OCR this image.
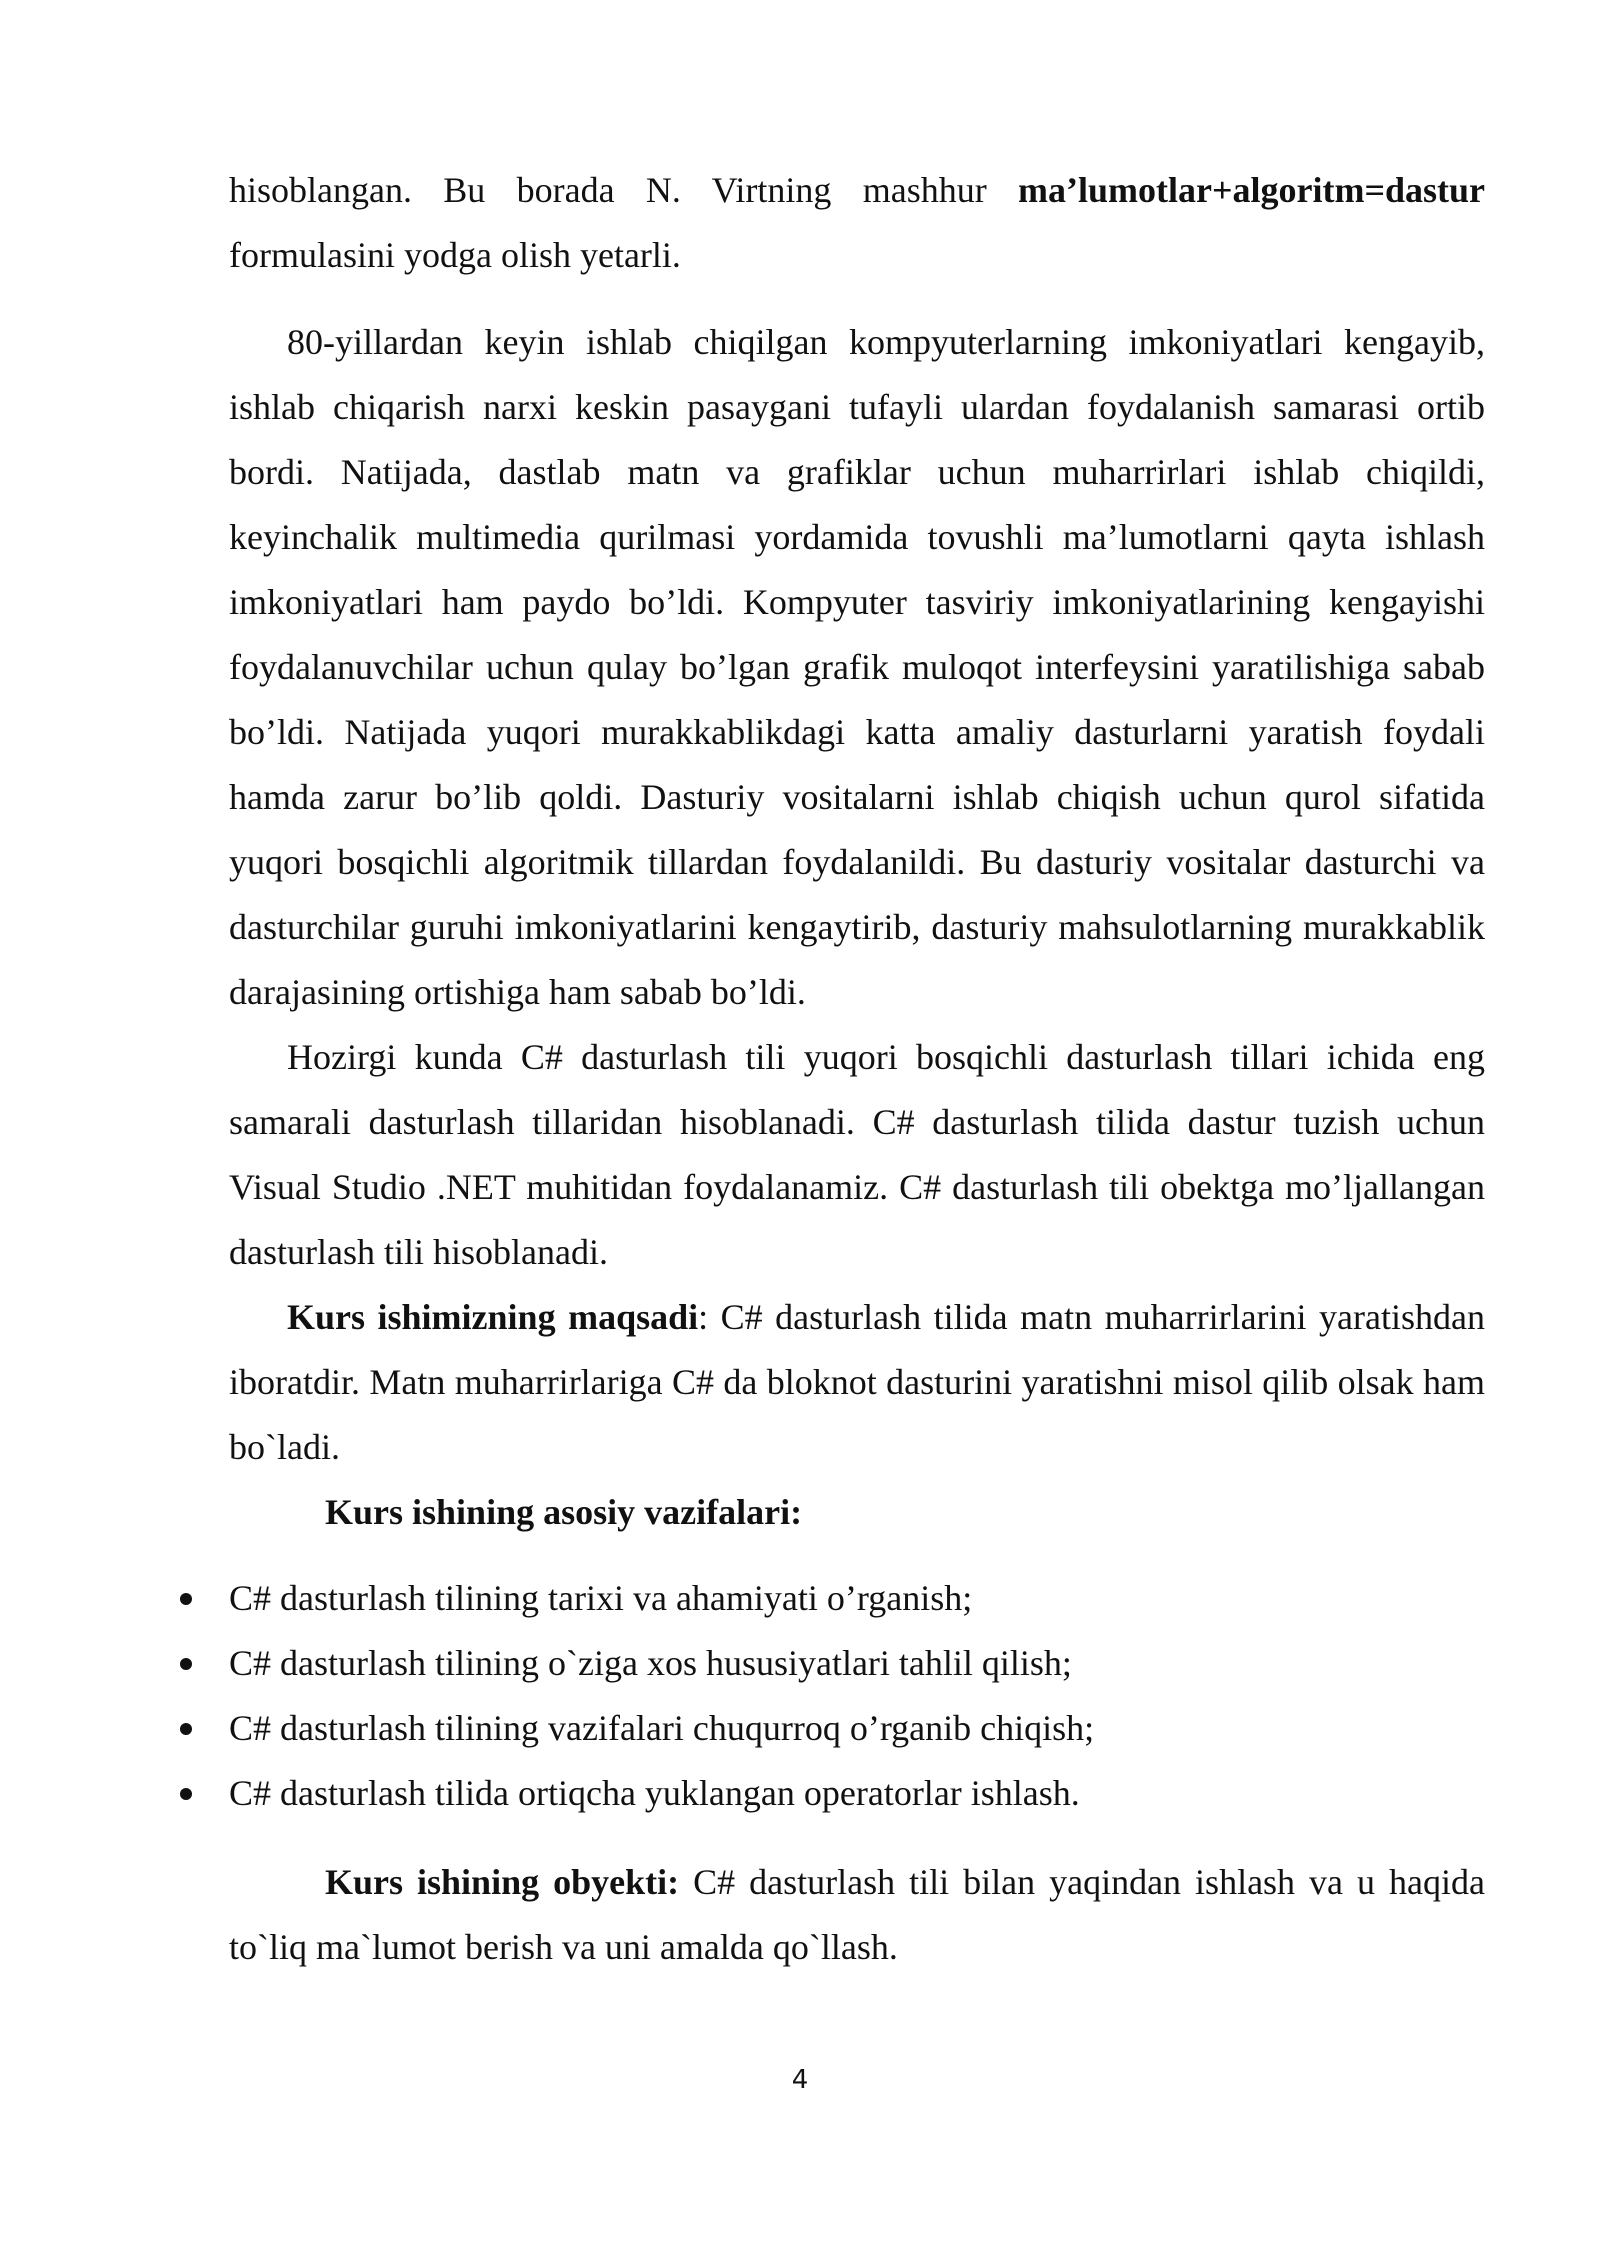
hisoblangan. Bu borada N. Virtning mashhur ma’lumotlar+algoritm=dastur formulasini yodga olish yetarli.

80-yillardan keyin ishlab chiqilgan kompyuterlarning imkoniyatlari kengayib, ishlab chiqarish narxi keskin pasaygani tufayli ulardan foydalanish samarasi ortib bordi. Natijada, dastlab matn va grafiklar uchun muharrirlari ishlab chiqildi, keyinchalik multimedia qurilmasi yordamida tovushli ma’lumotlarni qayta ishlash imkoniyatlari ham paydo bo’ldi. Kompyuter tasviriy imkoniyatlarining kengayishi foydalanuvchilar uchun qulay bo’lgan grafik muloqot interfeysini yaratilishiga sabab bo’ldi. Natijada yuqori murakkablikdagi katta amaliy dasturlarni yaratish foydali hamda zarur bo’lib qoldi. Dasturiy vositalarni ishlab chiqish uchun qurol sifatida yuqori bosqichli algoritmik tillardan foydalanildi. Bu dasturiy vositalar dasturchi va dasturchilar guruhi imkoniyatlarini kengaytirib, dasturiy mahsulotlarning murakkablik darajasining ortishiga ham sabab bo’ldi.

Hozirgi kunda C# dasturlash tili yuqori bosqichli dasturlash tillari ichida eng samarali dasturlash tillaridan hisoblanadi. C# dasturlash tilida dastur tuzish uchun Visual Studio .NET muhitidan foydalanamiz. C# dasturlash tili obektga mo’ljallangan dasturlash tili hisoblanadi.

Kurs ishimizning maqsadi: C# dasturlash tilida matn muharrirlarini yaratishdan iboratdir. Matn muharrirlariga C# da bloknot dasturini yaratishni misol qilib olsak ham bo`ladi.

Kurs ishining asosiy vazifalari:

C# dasturlash tilining tarixi va ahamiyati o’rganish;
C# dasturlash tilining o`ziga xos hususiyatlari tahlil qilish;
C# dasturlash tilining vazifalari chuqurroq o’rganib chiqish;
C# dasturlash tilida ortiqcha yuklangan operatorlar ishlash.

Kurs ishining obyekti: C# dasturlash tili bilan yaqindan ishlash va u haqida to`liq ma`lumot berish va uni amalda qo`llash.

4
